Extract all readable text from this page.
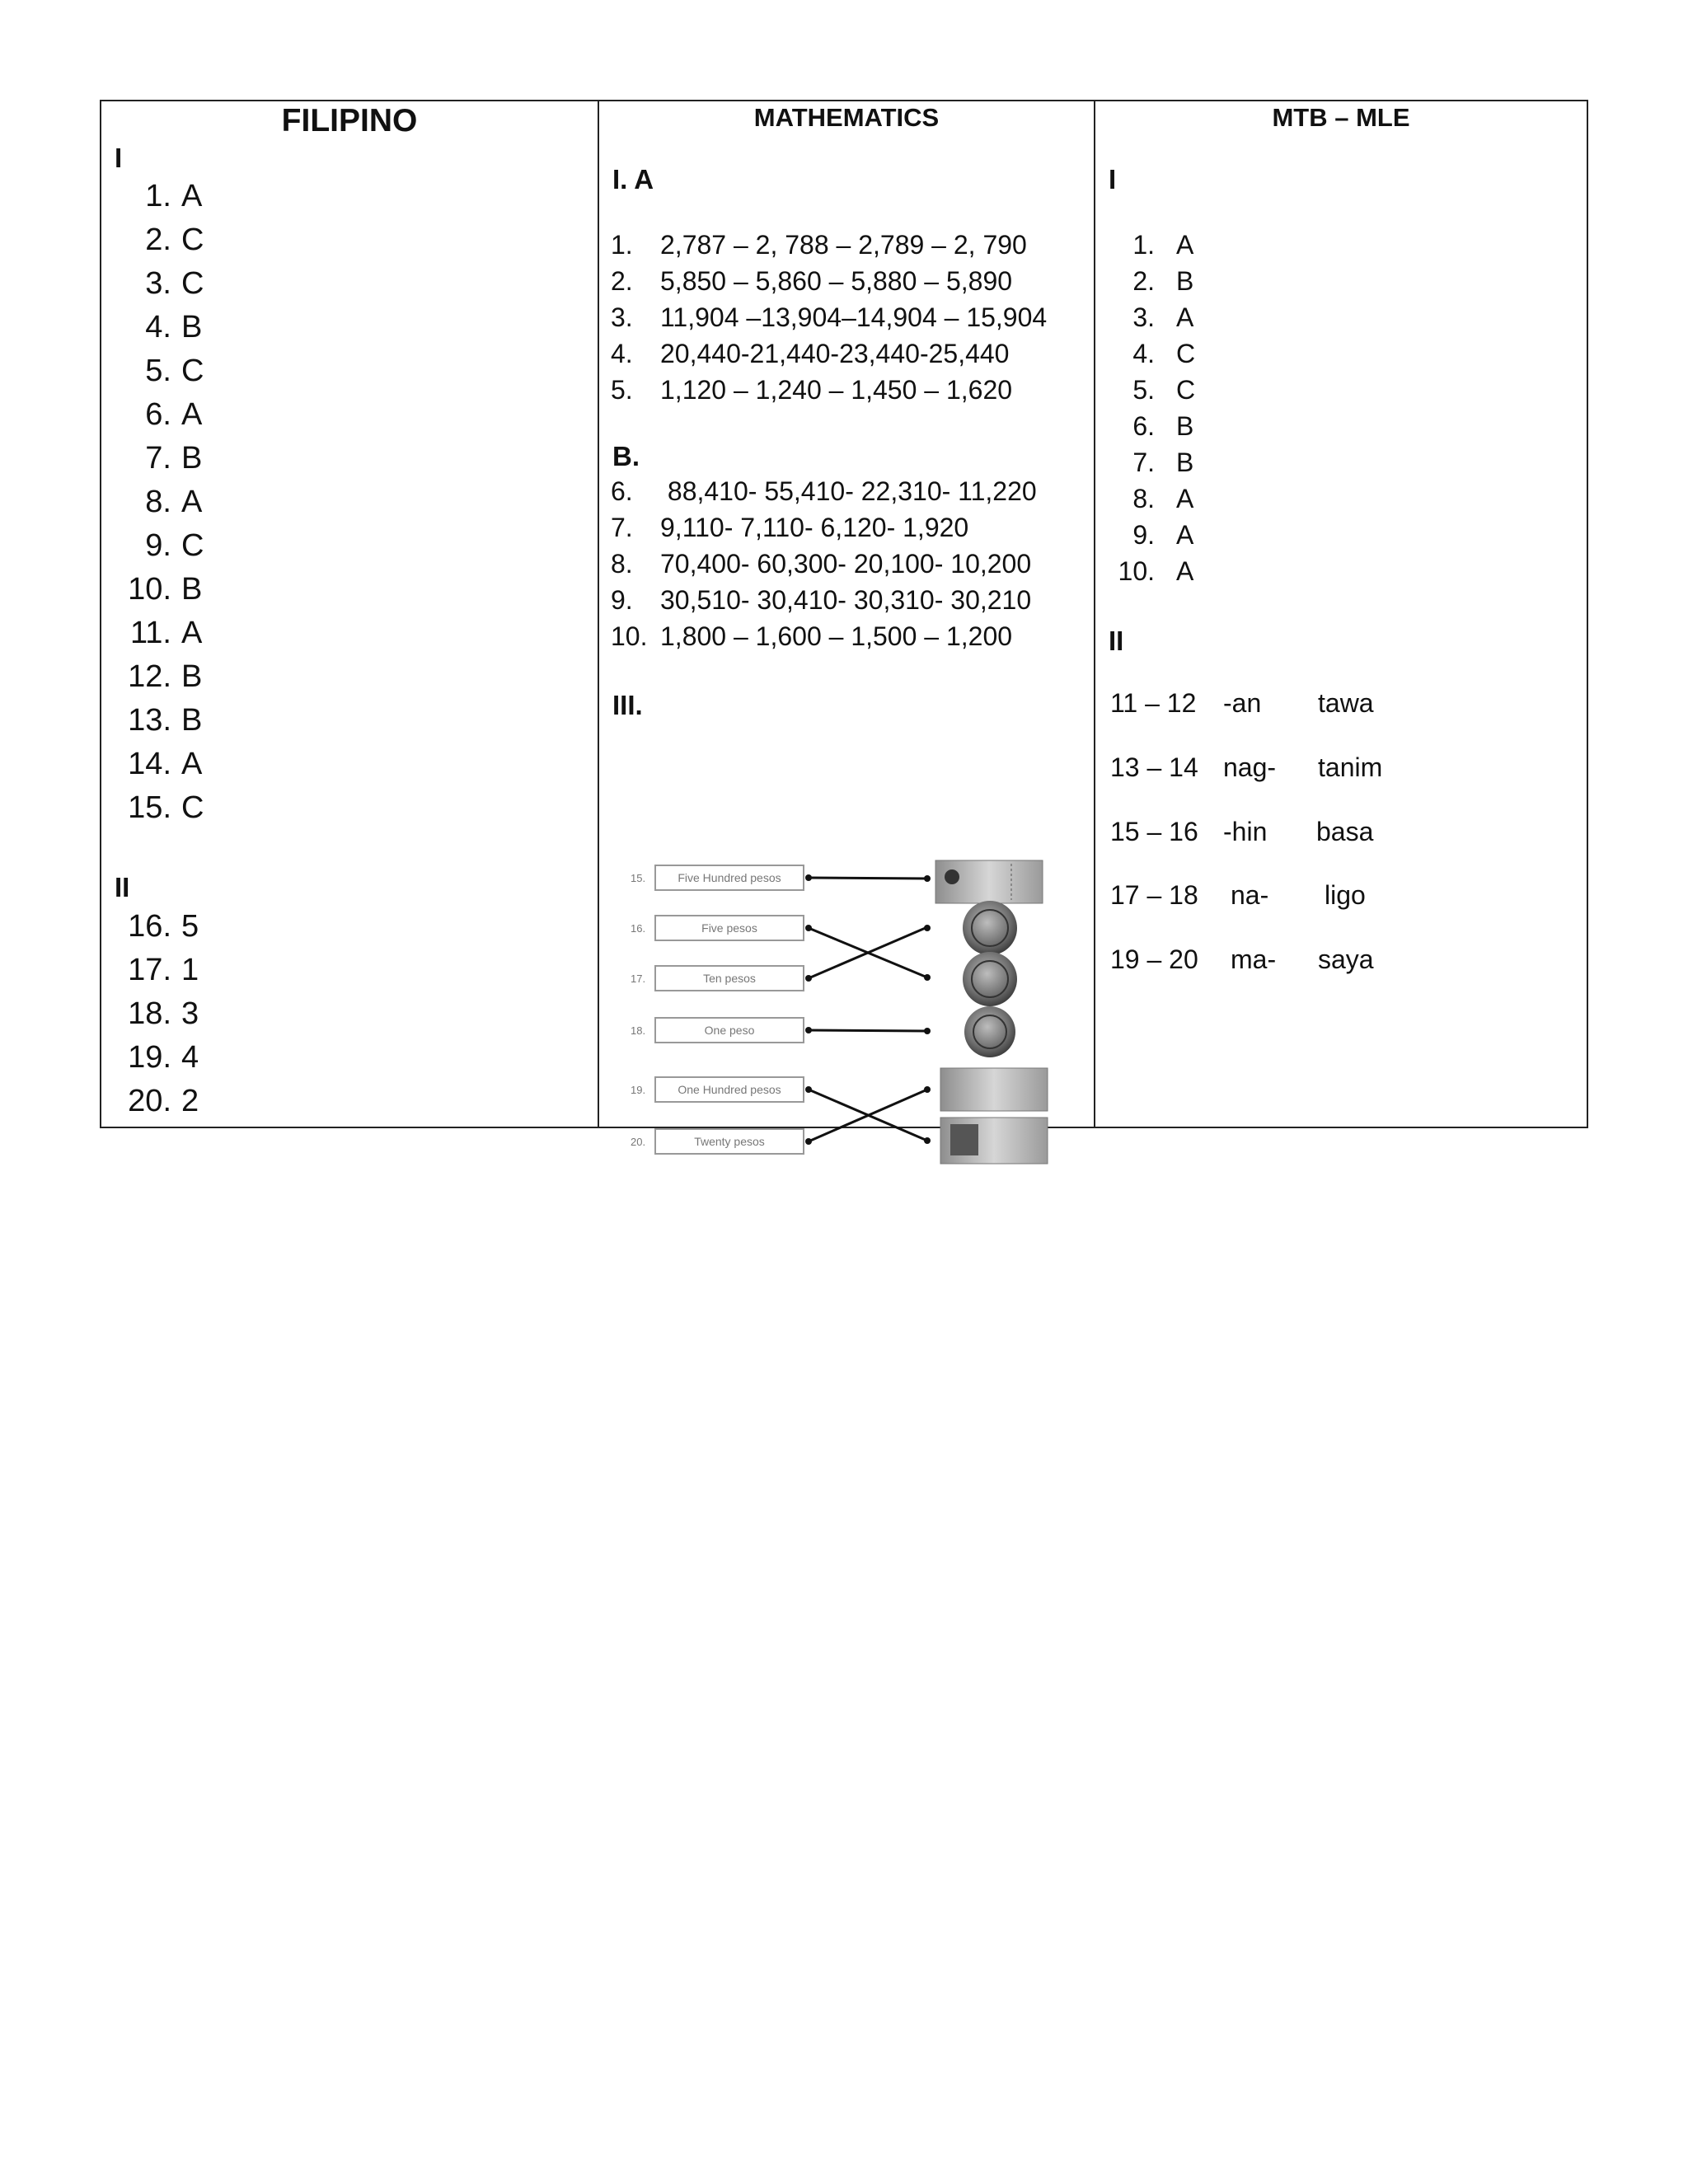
FILIPINO
I
1. A
2. C
3. C
4. B
5. C
6. A
7. B
8. A
9. C
10. B
11. A
12. B
13. B
14. A
15. C
II
16. 5
17. 1
18. 3
19. 4
20. 2
MATHEMATICS
I. A
1. 2,787 – 2, 788 – 2,789 – 2, 790
2. 5,850 – 5,860 – 5,880 – 5,890
3. 11,904 –13,904–14,904 – 15,904
4. 20,440-21,440-23,440-25,440
5. 1,120 – 1,240 – 1,450 – 1,620
B.
6. 88,410- 55,410- 22,310- 11,220
7. 9,110- 7,110- 6,120- 1,920
8. 70,400- 60,300- 20,100- 10,200
9. 30,510- 30,410- 30,310- 30,210
10. 1,800 – 1,600 – 1,500 – 1,200
III.
15.	Five Hundred pesos
16.	Five pesos
17.	Ten pesos
18.	One peso
19.	One Hundred pesos
20.	Twenty pesos
MTB – MLE
I
1. A
2. B
3. A
4. C
5. C
6. B
7. B
8. A
9. A
10. A
II
11 – 12 -an tawa
13 – 14 nag- tanim
15 – 16 -hin basa
17 – 18 na- ligo
19 – 20 ma- saya
